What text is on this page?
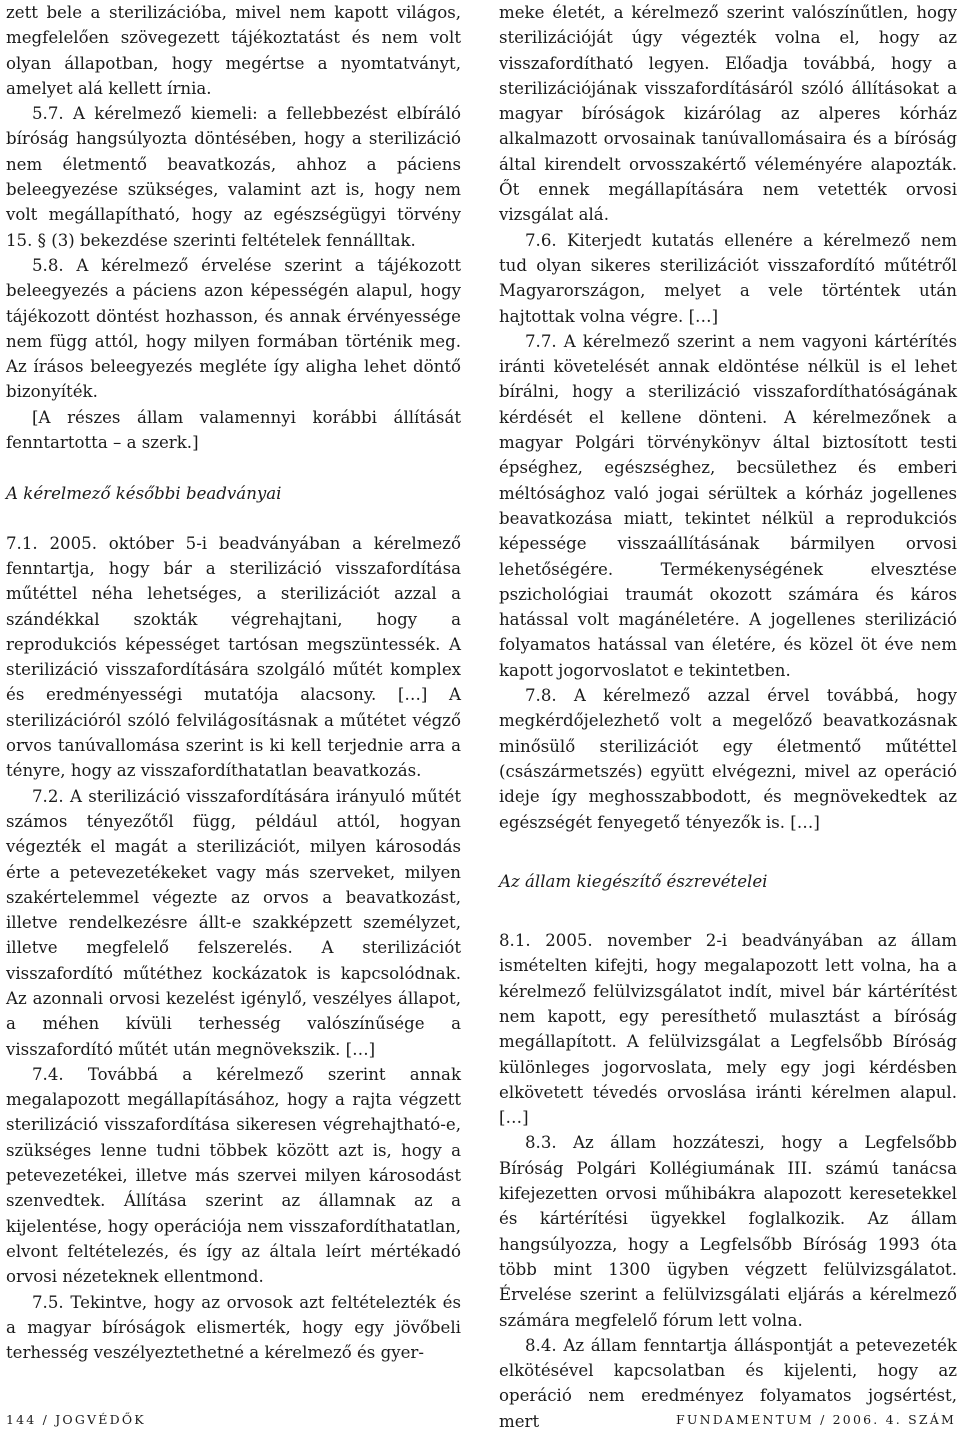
zett bele a sterilizációba, mivel nem kapott világos, megfelelően szövegezett tájékoztatást és nem volt olyan állapotban, hogy megértse a nyomtatványt, amelyet alá kellett írnia.

5.7. A kérelmező kiemeli: a fellebbezést elbíráló bíróság hangsúlyozta döntésében, hogy a sterilizáció nem életmentő beavatkozás, ahhoz a páciens beleegyezése szükséges, valamint azt is, hogy nem volt megállapítható, hogy az egészségügyi törvény 15. § (3) bekezdése szerinti feltételek fennálltak.

5.8. A kérelmező érvelése szerint a tájékozott beleegyezés a páciens azon képességén alapul, hogy tájékozott döntést hozhasson, és annak érvényessége nem függ attól, hogy milyen formában történik meg. Az írásos beleegyezés megléte így aligha lehet döntő bizonyíték.

[A részes állam valamennyi korábbi állítását fenntartotta – a szerk.]

A kérelmező későbbi beadványai

7.1. 2005. október 5-i beadványában a kérelmező fenntartja, hogy bár a sterilizáció visszafordítása műtéttel néha lehetséges, a sterilizációt azzal a szándékkal szokták végrehajtani, hogy a reprodukciós képességet tartósan megszüntessék. A sterilizáció visszafordítására szolgáló műtét komplex és eredményességi mutatója alacsony. […] A sterilizációról szóló felvilágosításnak a műtétet végző orvos tanúvallomása szerint is ki kell terjednie arra a tényre, hogy az visszafordíthatatlan beavatkozás.

7.2. A sterilizáció visszafordítására irányuló műtét számos tényezőtől függ, például attól, hogyan végezték el magát a sterilizációt, milyen károsodás érte a petevezetékeket vagy más szerveket, milyen szakértelemmel végezte az orvos a beavatkozást, illetve rendelkezésre állt-e szakképzett személyzet, illetve megfelelő felszerelés. A sterilizációt visszafordító műtéthez kockázatok is kapcsolódnak. Az azonnali orvosi kezelést igénylő, veszélyes állapot, a méhen kívüli terhesség valószínűsége a visszafordító műtét után megnövekszik. […]

7.4. Továbbá a kérelmező szerint annak megalapozott megállapításához, hogy a rajta végzett sterilizáció visszafordítása sikeresen végrehajtható-e, szükséges lenne tudni többek között azt is, hogy a petevezetékei, illetve más szervei milyen károsodást szenvedtek. Állítása szerint az államnak az a kijelentése, hogy operációja nem visszafordíthatatlan, elvont feltételezés, és így az általa leírt mértékadó orvosi nézeteknek ellentmond.

7.5. Tekintve, hogy az orvosok azt feltételezték és a magyar bíróságok elismerték, hogy egy jövőbeli terhesség veszélyeztethetné a kérelmező és gyer-

meke életét, a kérelmező szerint valószínűtlen, hogy sterilizációját úgy végezték volna el, hogy az visszafordítható legyen. Előadja továbbá, hogy a sterilizációjának visszafordításáról szóló állításokat a magyar bíróságok kizárólag az alperes kórház alkalmazott orvosainak tanúvallomásaira és a bíróság által kirendelt orvosszakértő véleményére alapozták. Őt ennek megállapítására nem vetették orvosi vizsgálat alá.

7.6. Kiterjedt kutatás ellenére a kérelmező nem tud olyan sikeres sterilizációt visszafordító műtétről Magyarországon, melyet a vele történtek után hajtottak volna végre. […]

7.7. A kérelmező szerint a nem vagyoni kártérítés iránti követelését annak eldöntése nélkül is el lehet bírálni, hogy a sterilizáció visszafordíthatóságának kérdését el kellene dönteni. A kérelmezőnek a magyar Polgári törvénykönyv által biztosított testi épséghez, egészséghez, becsülethez és emberi méltósághoz való jogai sérültek a kórház jogellenes beavatkozása miatt, tekintet nélkül a reprodukciós képessége visszaállításának bármilyen orvosi lehetőségére. Termékenységének elvesztése pszichológiai traumát okozott számára és káros hatással volt magánéletére. A jogellenes sterilizáció folyamatos hatással van életére, és közel öt éve nem kapott jogorvoslatot e tekintetben.

7.8. A kérelmező azzal érvel továbbá, hogy megkérdőjelezhető volt a megelőző beavatkozásnak minősülő sterilizációt egy életmentő műtéttel (császármetszés) együtt elvégezni, mivel az operáció ideje így meghosszabbodott, és megnövekedtek az egészségét fenyegető tényezők is. […]

Az állam kiegészítő észrevételei

8.1. 2005. november 2-i beadványában az állam ismételten kifejti, hogy megalapozott lett volna, ha a kérelmező felülvizsgálatot indít, mivel bár kártérítést nem kapott, egy peresíthető mulasztást a bíróság megállapított. A felülvizsgálat a Legfelsőbb Bíróság különleges jogorvoslata, mely egy jogi kérdésben elkövetett tévedés orvoslása iránti kérelmen alapul. […]

8.3. Az állam hozzáteszi, hogy a Legfelsőbb Bíróság Polgári Kollégiumának III. számú tanácsa kifejezetten orvosi műhibákra alapozott keresetekkel és kártérítési ügyekkel foglalkozik. Az állam hangsúlyozza, hogy a Legfelsőbb Bíróság 1993 óta több mint 1300 ügyben végzett felülvizsgálatot. Érvelése szerint a felülvizsgálati eljárás a kérelmező számára megfelelő fórum lett volna.

8.4. Az állam fenntartja álláspontját a petevezeték elkötésével kapcsolatban és kijelenti, hogy az operáció nem eredményez folyamatos jogsértést, mert

144 / JOGVÉDŐK	FUNDAMENTUM / 2006. 4. SZÁM
